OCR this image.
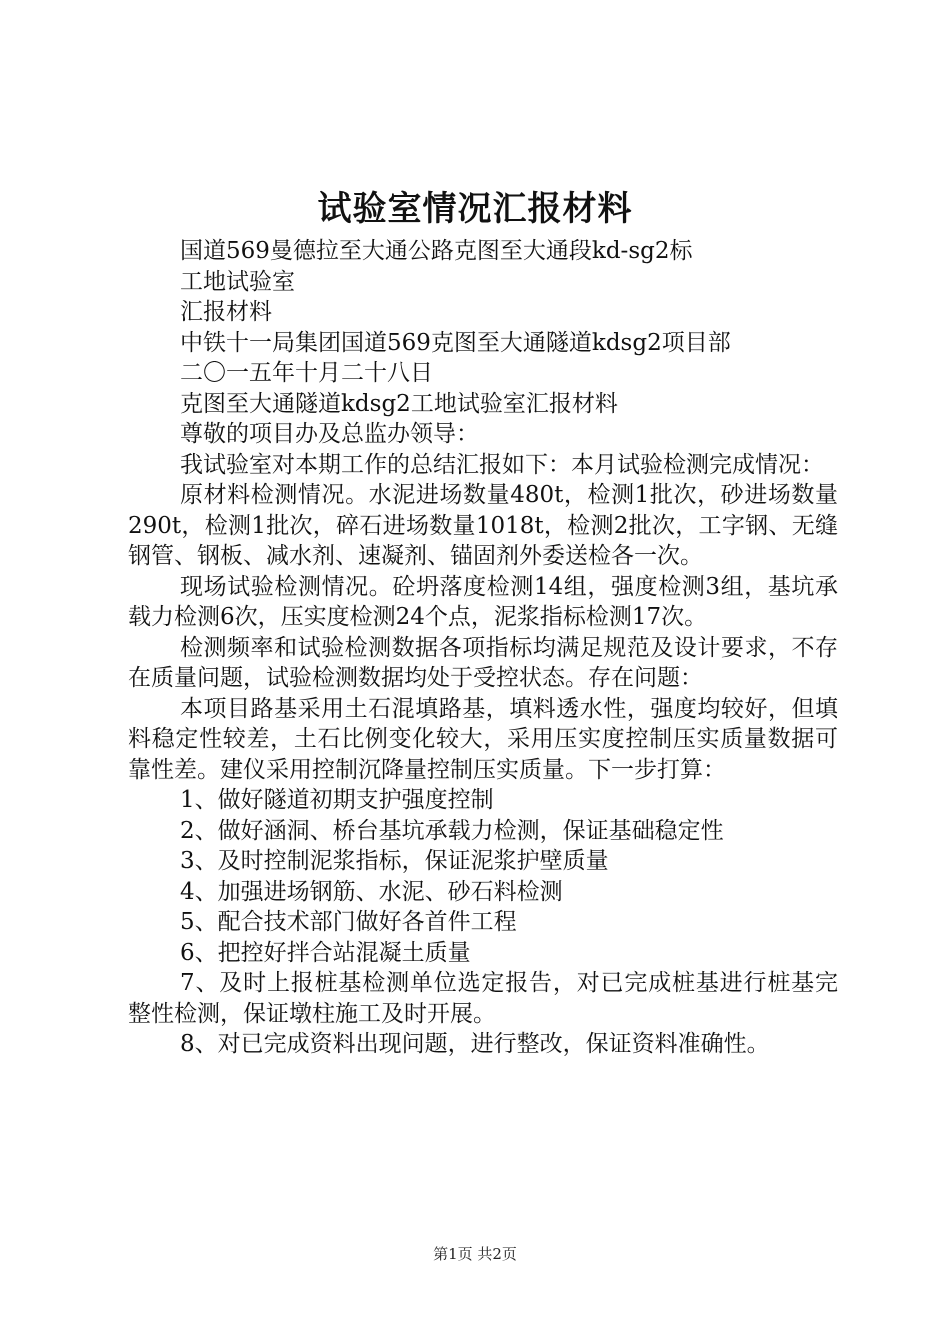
试验室情况汇报材料
国道569曼德拉至大通公路克图至大通段kd-sg2标
工地试验室
汇报材料
中铁十一局集团国道569克图至大通隧道kdsg2项目部
二〇一五年十月二十八日
克图至大通隧道kdsg2工地试验室汇报材料
尊敬的项目办及总监办领导：
我试验室对本期工作的总结汇报如下：本月试验检测完成情况：
原材料检测情况。水泥进场数量480t，检测1批次，砂进场数量290t，检测1批次，碎石进场数量1018t，检测2批次，工字钢、无缝钢管、钢板、减水剂、速凝剂、锚固剂外委送检各一次。
现场试验检测情况。砼坍落度检测14组，强度检测3组，基坑承载力检测6次，压实度检测24个点，泥浆指标检测17次。
检测频率和试验检测数据各项指标均满足规范及设计要求，不存在质量问题，试验检测数据均处于受控状态。存在问题：
本项目路基采用土石混填路基，填料透水性，强度均较好，但填料稳定性较差，土石比例变化较大，采用压实度控制压实质量数据可靠性差。建仪采用控制沉降量控制压实质量。下一步打算：
1、做好隧道初期支护强度控制
2、做好涵洞、桥台基坑承载力检测，保证基础稳定性
3、及时控制泥浆指标，保证泥浆护壁质量
4、加强进场钢筋、水泥、砂石料检测
5、配合技术部门做好各首件工程
6、把控好拌合站混凝土质量
7、及时上报桩基检测单位选定报告，对已完成桩基进行桩基完整性检测，保证墩柱施工及时开展。
8、对已完成资料出现问题，进行整改，保证资料准确性。
第1页 共2页
